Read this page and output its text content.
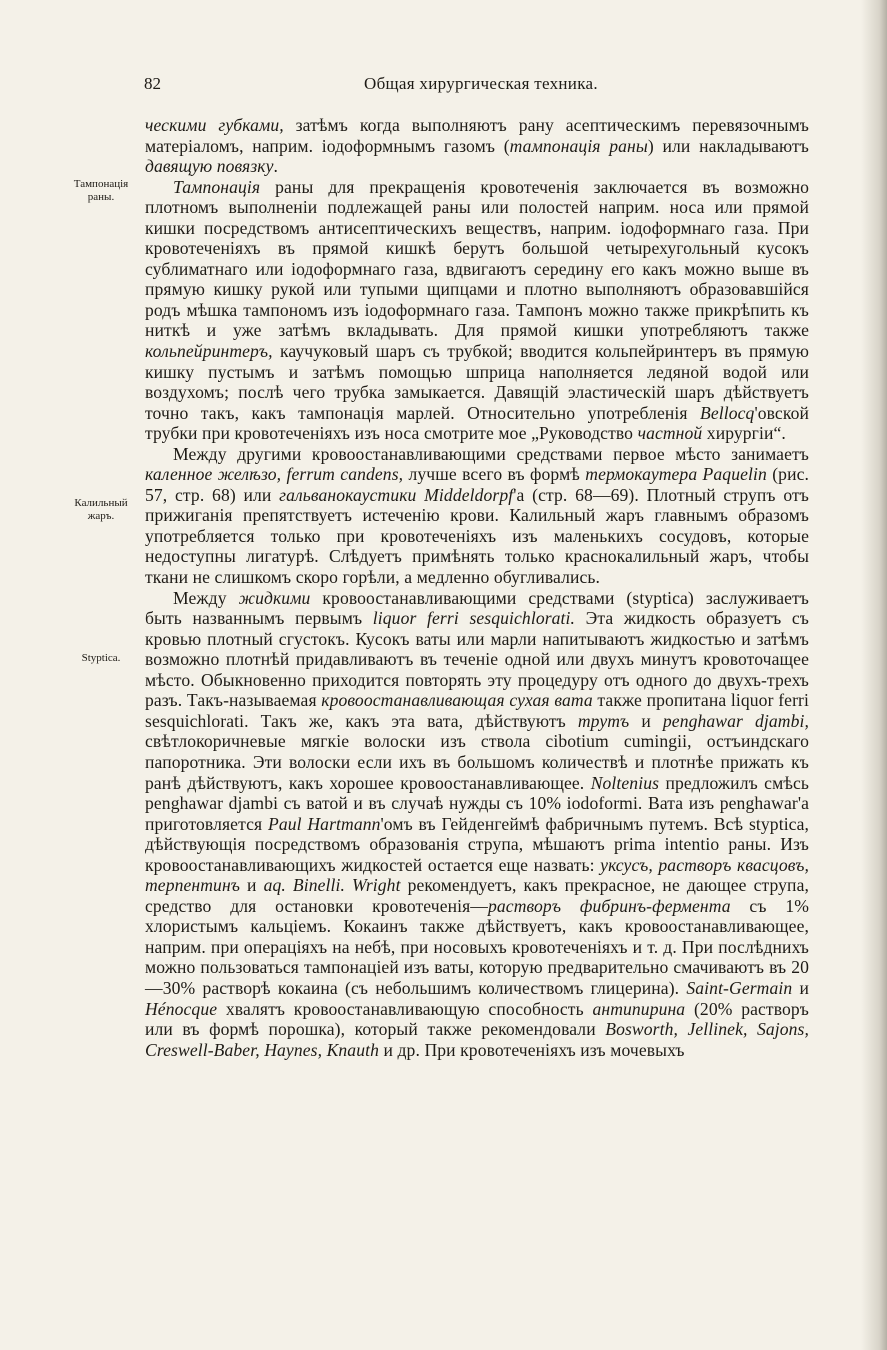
82	Общая хирургическая техника.
Тампонація раны.
Калильный жаръ.
Styptica.

ческими губками, затѣмъ когда выполняютъ рану асептическимъ перевязочнымъ матеріаломъ, наприм. іодоформнымъ газомъ (тампонація раны) или накладываютъ давящую повязку.

Тампонація раны для прекращенія кровотеченія заключается въ возможно плотномъ выполненіи подлежащей раны или полостей наприм. носа или прямой кишки посредствомъ антисептическихъ веществъ, наприм. іодоформнаго газа. При кровотеченіяхъ въ прямой кишкѣ берутъ большой четырехугольный кусокъ сублиматнаго или іодоформнаго газа, вдвигаютъ середину его какъ можно выше въ прямую кишку рукой или тупыми щипцами и плотно выполняютъ образовавшійся родъ мѣшка тампономъ изъ іодоформнаго газа. Тампонъ можно также прикрѣпить къ ниткѣ и уже затѣмъ вкладывать. Для прямой кишки употребляютъ также кольпейринтеръ, каучуковый шаръ съ трубкой; вводится кольпейринтеръ въ прямую кишку пустымъ и затѣмъ помощью шприца наполняется ледяной водой или воздухомъ; послѣ чего трубка замыкается. Давящій эластическій шаръ дѣйствуетъ точно такъ, какъ тампонація марлей. Относительно употребленія Bellocq'овской трубки при кровотеченіяхъ изъ носа смотрите мое „Руководство частной хирургіи“.

Между другими кровоостанавливающими средствами первое мѣсто занимаетъ каленное желѣзо, ferrum candens, лучше всего въ формѣ термокаутера Paquelin (рис. 57, стр. 68) или гальванокаустики Middeldorpf'а (стр. 68—69). Плотный струпъ отъ прижиганія препятствуетъ истеченію крови. Калильный жаръ главнымъ образомъ употребляется только при кровотеченіяхъ изъ маленькихъ сосудовъ, которые недоступны лигатурѣ. Слѣдуетъ примѣнять только краснокалильный жаръ, чтобы ткани не слишкомъ скоро горѣли, а медленно обугливались.

Между жидкими кровоостанавливающими средствами (styptica) заслуживаетъ быть названнымъ первымъ liquor ferri sesquichlorati. Эта жидкость образуетъ съ кровью плотный сгустокъ. Кусокъ ваты или марли напитываютъ жидкостью и затѣмъ возможно плотнѣй придавливаютъ въ теченіе одной или двухъ минутъ кровоточащее мѣсто. Обыкновенно приходится повторять эту процедуру отъ одного до двухъ-трехъ разъ. Такъ-называемая кровоостанавливающая сухая вата также пропитана liquor ferri sesquichlorati. Такъ же, какъ эта вата, дѣйствуютъ трутъ и penghawar djambi, свѣтлокоричневые мягкіе волоски изъ ствола cibotium cumingii, остъиндскаго папоротника. Эти волоски если ихъ въ большомъ количествѣ и плотнѣе прижать къ ранѣ дѣйствуютъ, какъ хорошее кровоостанавливающее. Noltenius предложилъ смѣсь penghawar djambi съ ватой и въ случаѣ нужды съ 10% iodoformi. Вата изъ penghawar'а приготовляется Paul Hartmann'омъ въ Гейденгеймѣ фабричнымъ путемъ. Всѣ styptica, дѣйствующія посредствомъ образованія струпа, мѣшаютъ prima intentio раны. Изъ кровоостанавливающихъ жидкостей остается еще назвать: уксусъ, растворъ квасцовъ, терпентинъ и aq. Binelli. Wright рекомендуетъ, какъ прекрасное, не дающее струпа, средство для остановки кровотеченія—растворъ фибринъ-фермента съ 1% хлористымъ кальціемъ. Кокаинъ также дѣйствуетъ, какъ кровоостанавливающее, наприм. при операціяхъ на небѣ, при носовыхъ кровотеченіяхъ и т. д. При послѣднихъ можно пользоваться тампонаціей изъ ваты, которую предварительно смачиваютъ въ 20—30% растворѣ кокаина (съ небольшимъ количествомъ глицерина). Saint-Germain и Hénocque хвалятъ кровоостанавливающую способность антипирина (20% растворъ или въ формѣ порошка), который также рекомендовали Bosworth, Jellinek, Sajons, Creswell-Baber, Haynes, Knauth и др. При кровотеченіяхъ изъ мочевыхъ
